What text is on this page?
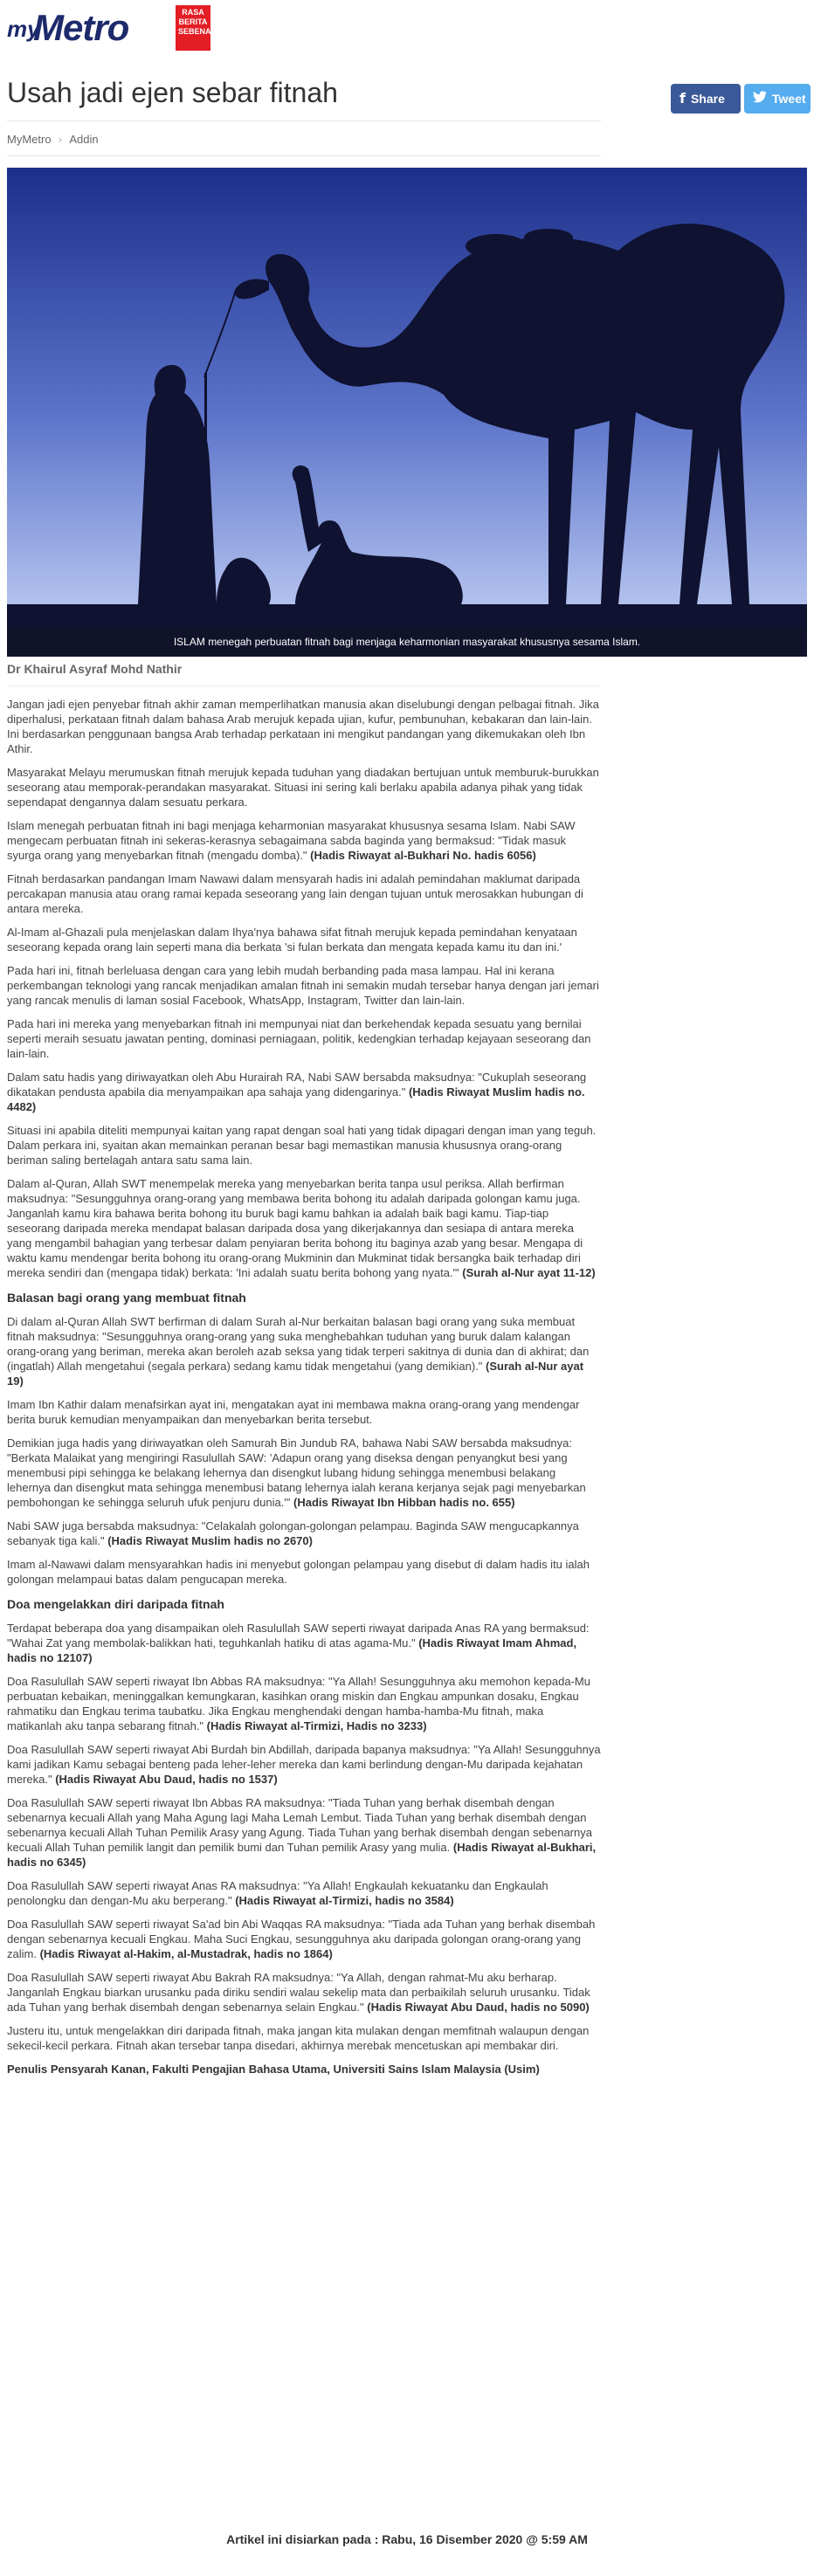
my
Metro	RASA BERITA SEBENAR
Usah jadi ejen sebar fitnah	f Share	Tweet
MyMetro › Addin
ISLAM menegah perbuatan fitnah bagi menjaga keharmonian masyarakat khususnya sesama Islam.
Dr Khairul Asyraf Mohd Nathir

Jangan jadi ejen penyebar fitnah akhir zaman memperlihatkan manusia akan diselubungi dengan pelbagai fitnah. Jika diperhalusi, perkataan fitnah dalam bahasa Arab merujuk kepada ujian, kufur, pembunuhan, kebakaran dan lain-lain. Ini berdasarkan penggunaan bangsa Arab terhadap perkataan ini mengikut pandangan yang dikemukakan oleh Ibn Athir.

Masyarakat Melayu merumuskan fitnah merujuk kepada tuduhan yang diadakan bertujuan untuk memburuk-burukkan seseorang atau memporak-perandakan masyarakat. Situasi ini sering kali berlaku apabila adanya pihak yang tidak sependapat dengannya dalam sesuatu perkara.

Islam menegah perbuatan fitnah ini bagi menjaga keharmonian masyarakat khususnya sesama Islam. Nabi SAW mengecam perbuatan fitnah ini sekeras-kerasnya sebagaimana sabda baginda yang bermaksud: "Tidak masuk syurga orang yang menyebarkan fitnah (mengadu domba)." (Hadis Riwayat al-Bukhari No. hadis 6056)

Fitnah berdasarkan pandangan Imam Nawawi dalam mensyarah hadis ini adalah pemindahan maklumat daripada percakapan manusia atau orang ramai kepada seseorang yang lain dengan tujuan untuk merosakkan hubungan di antara mereka.

Al-Imam al-Ghazali pula menjelaskan dalam Ihya'nya bahawa sifat fitnah merujuk kepada pemindahan kenyataan seseorang kepada orang lain seperti mana dia berkata 'si fulan berkata dan mengata kepada kamu itu dan ini.'

Pada hari ini, fitnah berleluasa dengan cara yang lebih mudah berbanding pada masa lampau. Hal ini kerana perkembangan teknologi yang rancak menjadikan amalan fitnah ini semakin mudah tersebar hanya dengan jari jemari yang rancak menulis di laman sosial Facebook, WhatsApp, Instagram, Twitter dan lain-lain.

Pada hari ini mereka yang menyebarkan fitnah ini mempunyai niat dan berkehendak kepada sesuatu yang bernilai seperti meraih sesuatu jawatan penting, dominasi perniagaan, politik, kedengkian terhadap kejayaan seseorang dan lain-lain.

Dalam satu hadis yang diriwayatkan oleh Abu Hurairah RA, Nabi SAW bersabda maksudnya: "Cukuplah seseorang dikatakan pendusta apabila dia menyampaikan apa sahaja yang didengarinya." (Hadis Riwayat Muslim hadis no. 4482)

Situasi ini apabila diteliti mempunyai kaitan yang rapat dengan soal hati yang tidak dipagari dengan iman yang teguh. Dalam perkara ini, syaitan akan memainkan peranan besar bagi memastikan manusia khususnya orang-orang beriman saling bertelagah antara satu sama lain.

Dalam al-Quran, Allah SWT menempelak mereka yang menyebarkan berita tanpa usul periksa. Allah berfirman maksudnya: "Sesungguhnya orang-orang yang membawa berita bohong itu adalah daripada golongan kamu juga. Janganlah kamu kira bahawa berita bohong itu buruk bagi kamu bahkan ia adalah baik bagi kamu. Tiap-tiap seseorang daripada mereka mendapat balasan daripada dosa yang dikerjakannya dan sesiapa di antara mereka yang mengambil bahagian yang terbesar dalam penyiaran berita bohong itu baginya azab yang besar. Mengapa di waktu kamu mendengar berita bohong itu orang-orang Mukminin dan Mukminat tidak bersangka baik terhadap diri mereka sendiri dan (mengapa tidak) berkata: 'Ini adalah suatu berita bohong yang nyata.'" (Surah al-Nur ayat 11-12)

Balasan bagi orang yang membuat fitnah

Di dalam al-Quran Allah SWT berfirman di dalam Surah al-Nur berkaitan balasan bagi orang yang suka membuat fitnah maksudnya: "Sesungguhnya orang-orang yang suka menghebahkan tuduhan yang buruk dalam kalangan orang-orang yang beriman, mereka akan beroleh azab seksa yang tidak terperi sakitnya di dunia dan di akhirat; dan (ingatlah) Allah mengetahui (segala perkara) sedang kamu tidak mengetahui (yang demikian)." (Surah al-Nur ayat 19)

Imam Ibn Kathir dalam menafsirkan ayat ini, mengatakan ayat ini membawa makna orang-orang yang mendengar berita buruk kemudian menyampaikan dan menyebarkan berita tersebut.

Demikian juga hadis yang diriwayatkan oleh Samurah Bin Jundub RA, bahawa Nabi SAW bersabda maksudnya: "Berkata Malaikat yang mengiringi Rasulullah SAW: 'Adapun orang yang diseksa dengan penyangkut besi yang menembusi pipi sehingga ke belakang lehernya dan disengkut lubang hidung sehingga menembusi belakang lehernya dan disengkut mata sehingga menembusi batang lehernya ialah kerana kerjanya sejak pagi menyebarkan pembohongan ke sehingga seluruh ufuk penjuru dunia.'" (Hadis Riwayat Ibn Hibban hadis no. 655)

Nabi SAW juga bersabda maksudnya: "Celakalah golongan-golongan pelampau. Baginda SAW mengucapkannya sebanyak tiga kali." (Hadis Riwayat Muslim hadis no 2670)

Imam al-Nawawi dalam mensyarahkan hadis ini menyebut golongan pelampau yang disebut di dalam hadis itu ialah golongan melampaui batas dalam pengucapan mereka.

Doa mengelakkan diri daripada fitnah

Terdapat beberapa doa yang disampaikan oleh Rasulullah SAW seperti riwayat daripada Anas RA yang bermaksud: "Wahai Zat yang membolak-balikkan hati, teguhkanlah hatiku di atas agama-Mu." (Hadis Riwayat Imam Ahmad, hadis no 12107)

Doa Rasulullah SAW seperti riwayat Ibn Abbas RA maksudnya: "Ya Allah! Sesungguhnya aku memohon kepada-Mu perbuatan kebaikan, meninggalkan kemungkaran, kasihkan orang miskin dan Engkau ampunkan dosaku, Engkau rahmatiku dan Engkau terima taubatku. Jika Engkau menghendaki dengan hamba-hamba-Mu fitnah, maka matikanlah aku tanpa sebarang fitnah." (Hadis Riwayat al-Tirmizi, Hadis no 3233)

Doa Rasulullah SAW seperti riwayat Abi Burdah bin Abdillah, daripada bapanya maksudnya: "Ya Allah! Sesungguhnya kami jadikan Kamu sebagai benteng pada leher-leher mereka dan kami berlindung dengan-Mu daripada kejahatan mereka." (Hadis Riwayat Abu Daud, hadis no 1537)

Doa Rasulullah SAW seperti riwayat Ibn Abbas RA maksudnya: "Tiada Tuhan yang berhak disembah dengan sebenarnya kecuali Allah yang Maha Agung lagi Maha Lemah Lembut. Tiada Tuhan yang berhak disembah dengan sebenarnya kecuali Allah Tuhan Pemilik Arasy yang Agung. Tiada Tuhan yang berhak disembah dengan sebenarnya kecuali Allah Tuhan pemilik langit dan pemilik bumi dan Tuhan pemilik Arasy yang mulia. (Hadis Riwayat al-Bukhari, hadis no 6345)

Doa Rasulullah SAW seperti riwayat Anas RA maksudnya: "Ya Allah! Engkaulah kekuatanku dan Engkaulah penolongku dan dengan-Mu aku berperang." (Hadis Riwayat al-Tirmizi, hadis no 3584)

Doa Rasulullah SAW seperti riwayat Sa'ad bin Abi Waqqas RA maksudnya: "Tiada ada Tuhan yang berhak disembah dengan sebenarnya kecuali Engkau. Maha Suci Engkau, sesungguhnya aku daripada golongan orang-orang yang zalim. (Hadis Riwayat al-Hakim, al-Mustadrak, hadis no 1864)

Doa Rasulullah SAW seperti riwayat Abu Bakrah RA maksudnya: "Ya Allah, dengan rahmat-Mu aku berharap. Janganlah Engkau biarkan urusanku pada diriku sendiri walau sekelip mata dan perbaikilah seluruh urusanku. Tidak ada Tuhan yang berhak disembah dengan sebenarnya selain Engkau." (Hadis Riwayat Abu Daud, hadis no 5090)

Justeru itu, untuk mengelakkan diri daripada fitnah, maka jangan kita mulakan dengan memfitnah walaupun dengan sekecil-kecil perkara. Fitnah akan tersebar tanpa disedari, akhirnya merebak mencetuskan api membakar diri.

Penulis Pensyarah Kanan, Fakulti Pengajian Bahasa Utama, Universiti Sains Islam Malaysia (Usim)

Artikel ini disiarkan pada : Rabu, 16 Disember 2020 @ 5:59 AM
